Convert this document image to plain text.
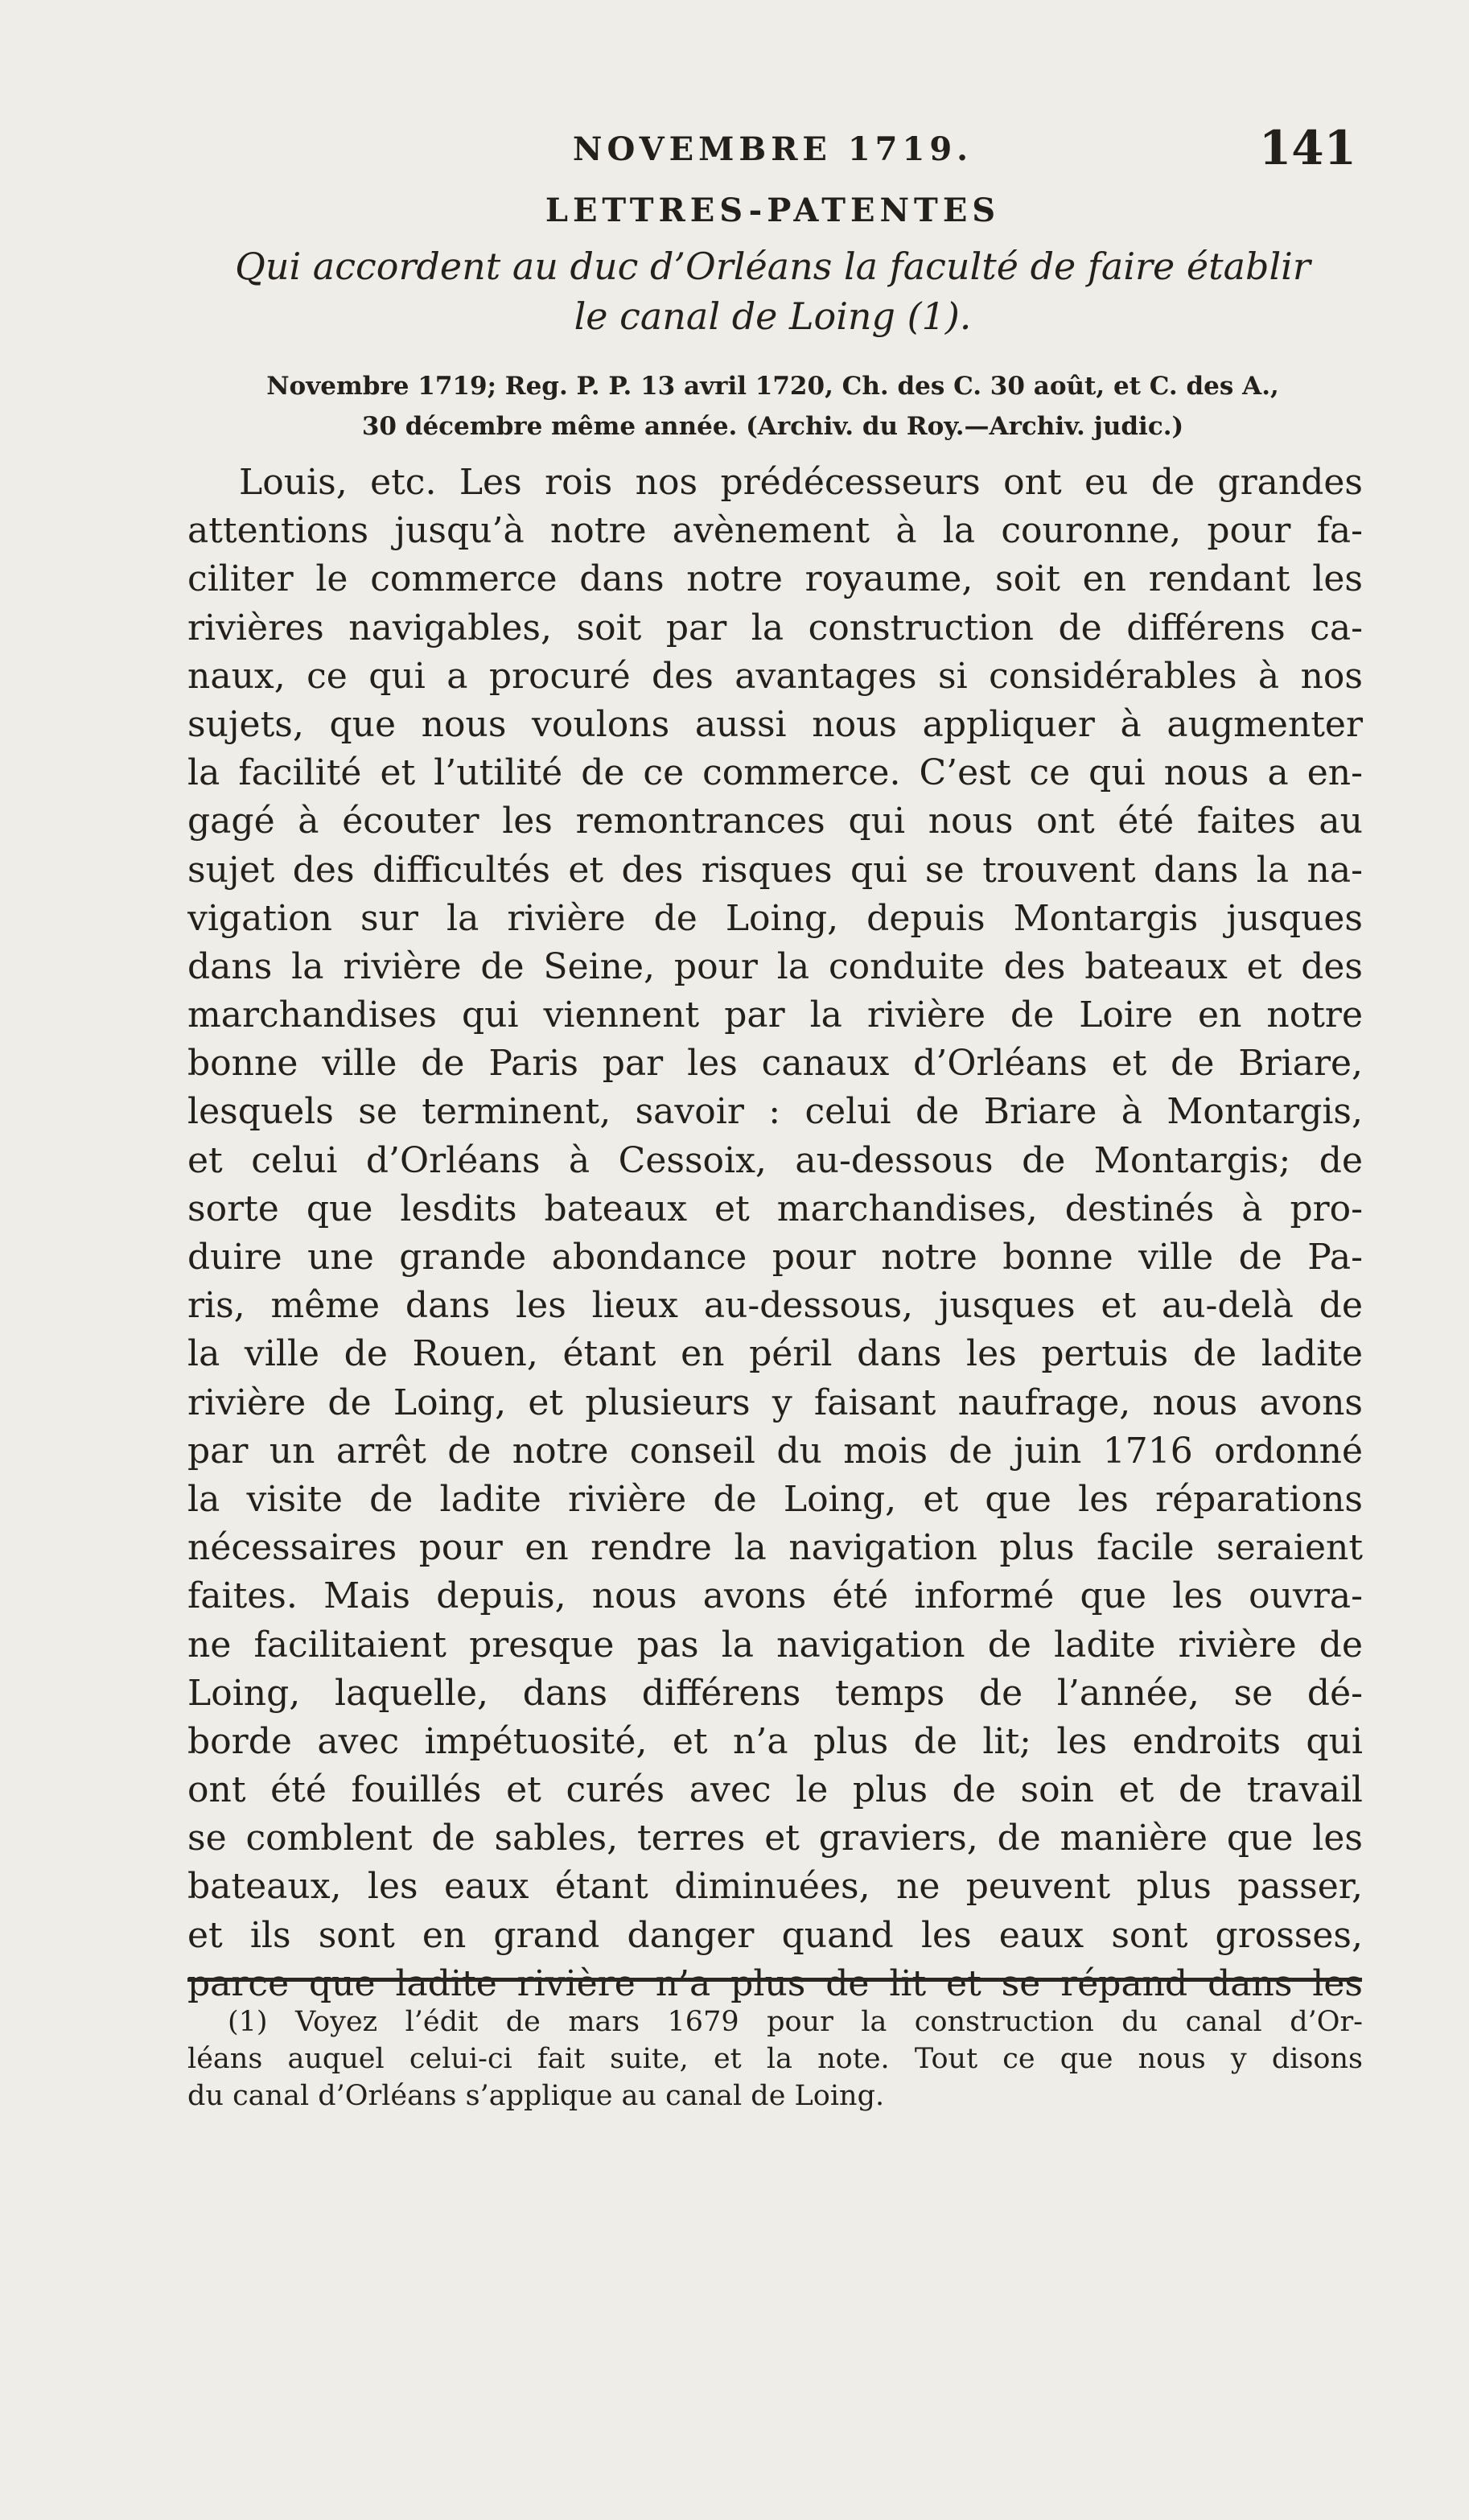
NOVEMBRE 1719.	141
LETTRES-PATENTES

Qui accordent au duc d’Orléans la faculté de faire établir

le canal de Loing (1).

Novembre 1719; Reg. P. P. 13 avril 1720, Ch. des C. 30 août, et C. des A.,

30 décembre même année. (Archiv. du Roy.—Archiv. judic.)

Louis, etc. Les rois nos prédécesseurs ont eu de grandes
attentions jusqu’à notre avènement à la couronne, pour fa-
ciliter le commerce dans notre royaume, soit en rendant les
rivières navigables, soit par la construction de différens ca-
naux, ce qui a procuré des avantages si considérables à nos
sujets, que nous voulons aussi nous appliquer à augmenter
la facilité et l’utilité de ce commerce. C’est ce qui nous a en-
gagé à écouter les remontrances qui nous ont été faites au
sujet des difficultés et des risques qui se trouvent dans la na-
vigation sur la rivière de Loing, depuis Montargis jusques
dans la rivière de Seine, pour la conduite des bateaux et des
marchandises qui viennent par la rivière de Loire en notre
bonne ville de Paris par les canaux d’Orléans et de Briare,
lesquels se terminent, savoir : celui de Briare à Montargis,
et celui d’Orléans à Cessoix, au-dessous de Montargis; de
sorte que lesdits bateaux et marchandises, destinés à pro-
duire une grande abondance pour notre bonne ville de Pa-
ris, même dans les lieux au-dessous, jusques et au-delà de
la ville de Rouen, étant en péril dans les pertuis de ladite
rivière de Loing, et plusieurs y faisant naufrage, nous avons
par un arrêt de notre conseil du mois de juin 1716 ordonné
la visite de ladite rivière de Loing, et que les réparations
nécessaires pour en rendre la navigation plus facile seraient
faites. Mais depuis, nous avons été informé que les ouvra-
ne facilitaient presque pas la navigation de ladite rivière de
Loing, laquelle, dans différens temps de l’année, se dé-
borde avec impétuosité, et n’a plus de lit; les endroits qui
ont été fouillés et curés avec le plus de soin et de travail
se comblent de sables, terres et graviers, de manière que les
bateaux, les eaux étant diminuées, ne peuvent plus passer,
et ils sont en grand danger quand les eaux sont grosses,
parce que ladite rivière n’a plus de lit et se répand dans les
(1) Voyez l’édit de mars 1679 pour la construction du canal d’Or-
léans auquel celui-ci fait suite, et la note. Tout ce que nous y disons
du canal d’Orléans s’applique au canal de Loing.
